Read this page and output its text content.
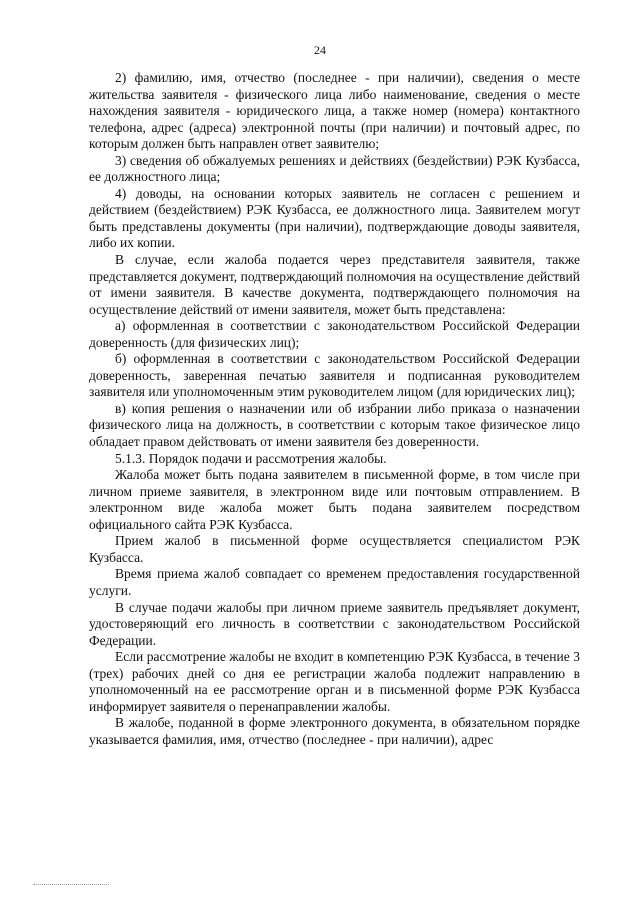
24

2) фамилию, имя, отчество (последнее - при наличии), сведения о месте жительства заявителя - физического лица либо наименование, сведения о месте нахождения заявителя - юридического лица, а также номер (номера) контактного телефона, адрес (адреса) электронной почты (при наличии) и почтовый адрес, по которым должен быть направлен ответ заявителю;

3) сведения об обжалуемых решениях и действиях (бездействии) РЭК Кузбасса, ее должностного лица;

4) доводы, на основании которых заявитель не согласен с решением и действием (бездействием) РЭК Кузбасса, ее должностного лица. Заявителем могут быть представлены документы (при наличии), подтверждающие доводы заявителя, либо их копии.

В случае, если жалоба подается через представителя заявителя, также представляется документ, подтверждающий полномочия на осуществление действий от имени заявителя. В качестве документа, подтверждающего полномочия на осуществление действий от имени заявителя, может быть представлена:

а) оформленная в соответствии с законодательством Российской Федерации доверенность (для физических лиц);

б) оформленная в соответствии с законодательством Российской Федерации доверенность, заверенная печатью заявителя и подписанная руководителем заявителя или уполномоченным этим руководителем лицом (для юридических лиц);

в) копия решения о назначении или об избрании либо приказа о назначении физического лица на должность, в соответствии с которым такое физическое лицо обладает правом действовать от имени заявителя без доверенности.

5.1.3. Порядок подачи и рассмотрения жалобы.

Жалоба может быть подана заявителем в письменной форме, в том числе при личном приеме заявителя, в электронном виде или почтовым отправлением. В электронном виде жалоба может быть подана заявителем посредством официального сайта РЭК Кузбасса.

Прием жалоб в письменной форме осуществляется специалистом РЭК Кузбасса.

Время приема жалоб совпадает со временем предоставления государственной услуги.

В случае подачи жалобы при личном приеме заявитель предъявляет документ, удостоверяющий его личность в соответствии с законодательством Российской Федерации.

Если рассмотрение жалобы не входит в компетенцию РЭК Кузбасса, в течение 3 (трех) рабочих дней со дня ее регистрации жалоба подлежит направлению в уполномоченный на ее рассмотрение орган и в письменной форме РЭК Кузбасса информирует заявителя о перенаправлении жалобы.

В жалобе, поданной в форме электронного документа, в обязательном порядке указывается фамилия, имя, отчество (последнее - при наличии), адрес
